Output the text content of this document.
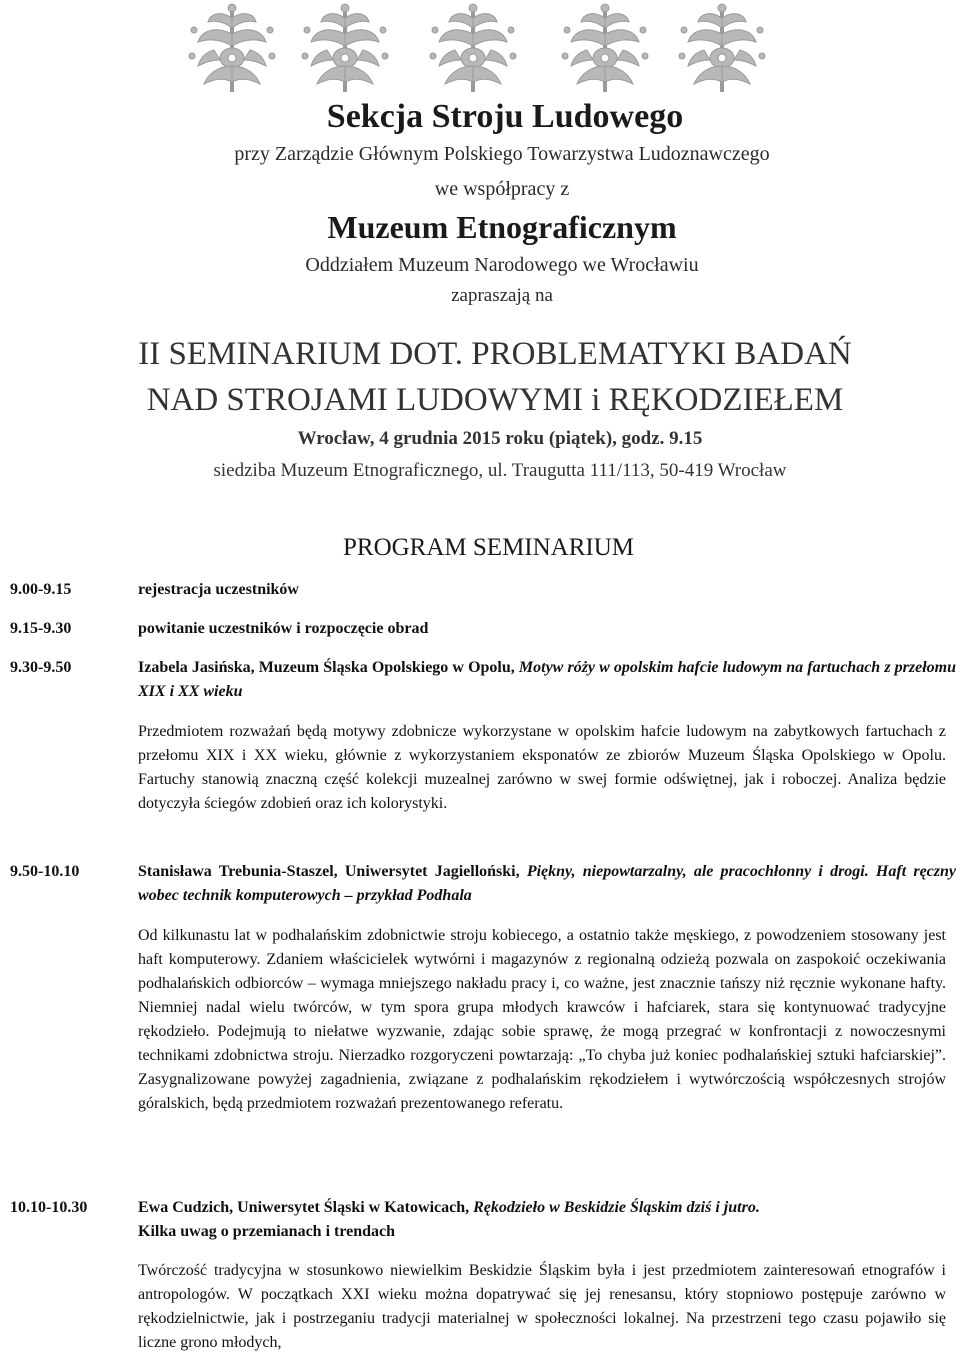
Sekcja Stroju Ludowego
przy Zarządzie Głównym Polskiego Towarzystwa Ludoznawczego
we współpracy z
Muzeum Etnograficznym
Oddziałem Muzeum Narodowego we Wrocławiu
zapraszają na
II SEMINARIUM DOT. PROBLEMATYKI BADAŃ
NAD STROJAMI LUDOWYMI i RĘKODZIEŁEM
Wrocław, 4 grudnia 2015 roku (piątek), godz. 9.15
siedziba Muzeum Etnograficznego, ul. Traugutta 111/113, 50-419 Wrocław
PROGRAM SEMINARIUM
9.00-9.15	rejestracja uczestników
9.15-9.30	powitanie uczestników i rozpoczęcie obrad
9.30-9.50	Izabela Jasińska, Muzeum Śląska Opolskiego w Opolu, Motyw róży w opolskim hafcie ludowym na fartuchach z przełomu XIX i XX wieku
Przedmiotem rozważań będą motywy zdobnicze wykorzystane w opolskim hafcie ludowym na zabytkowych fartuchach z przełomu XIX i XX wieku, głównie z wykorzystaniem eksponatów ze zbiorów Muzeum Śląska Opolskiego w Opolu. Fartuchy stanowią znaczną część kolekcji muzealnej zarówno w swej formie odświętnej, jak i roboczej. Analiza będzie dotyczyła ściegów zdobień oraz ich kolorystyki.
9.50-10.10	Stanisława Trebunia-Staszel, Uniwersytet Jagielloński, Piękny, niepowtarzalny, ale pracochłonny i drogi. Haft ręczny wobec technik komputerowych – przykład Podhala
Od kilkunastu lat w podhalańskim zdobnictwie stroju kobiecego, a ostatnio także męskiego, z powodzeniem stosowany jest haft komputerowy. Zdaniem właścicielek wytwórni i magazynów z regionalną odzieżą pozwala on zaspokoić oczekiwania podhalańskich odbiorców – wymaga mniejszego nakładu pracy i, co ważne, jest znacznie tańszy niż ręcznie wykonane hafty. Niemniej nadal wielu twórców, w tym spora grupa młodych krawców i hafciarek, stara się kontynuować tradycyjne rękodzieło. Podejmują to niełatwe wyzwanie, zdając sobie sprawę, że mogą przegrać w konfrontacji z nowoczesnymi technikami zdobnictwa stroju. Nierzadko rozgoryczeni powtarzają: „To chyba już koniec podhalańskiej sztuki hafciarskiej”. Zasygnalizowane powyżej zagadnienia, związane z podhalańskim rękodziełem i wytwórczością współczesnych strojów góralskich, będą przedmiotem rozważań prezentowanego referatu.
10.10-10.30	Ewa Cudzich, Uniwersytet Śląski w Katowicach, Rękodzieło w Beskidzie Śląskim dziś i jutro.
Kilka uwag o przemianach i trendach
Twórczość tradycyjna w stosunkowo niewielkim Beskidzie Śląskim była i jest przedmiotem zainteresowań etnografów i antropologów. W początkach XXI wieku można dopatrywać się jej renesansu, który stopniowo postępuje zarówno w rękodzielnictwie, jak i postrzeganiu tradycji materialnej w społeczności lokalnej. Na przestrzeni tego czasu pojawiło się liczne grono młodych,
